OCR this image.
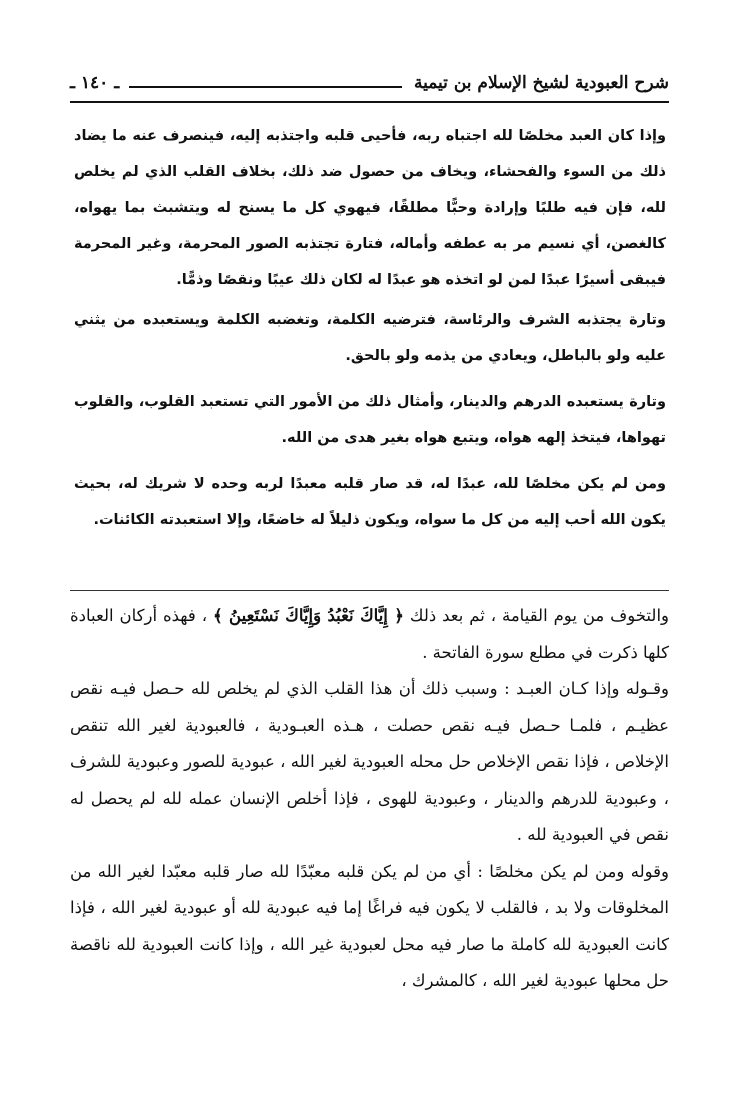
شرح العبودية لشيخ الإسلام بن تيمية
ـ ١٤٠ ـ

وإذا كان العبد مخلصًا لله اجتباه ربه، فأحيى قلبه واجتذبه إليه، فينصرف عنه ما يضاد ذلك من السوء والفحشاء، ويخاف من حصول ضد ذلك، بخلاف القلب الذي لم يخلص لله، فإن فيه طلبًا وإرادة وحبًّا مطلقًا، فيهوي كل ما يسنح له ويتشبث بما يهواه، كالغصن، أي نسيم مر به عطفه وأماله، فتارة تجتذبه الصور المحرمة، وغير المحرمة فيبقى أسيرًا عبدًا لمن لو اتخذه هو عبدًا له لكان ذلك عيبًا ونقصًا وذمًّا.

وتارة يجتذبه الشرف والرئاسة، فترضيه الكلمة، وتغضبه الكلمة ويستعبده من يثني عليه ولو بالباطل، ويعادي من يذمه ولو بالحق.

وتارة يستعبده الدرهم والدينار، وأمثال ذلك من الأمور التي تستعبد القلوب، والقلوب تهواها، فيتخذ إلهه هواه، ويتبع هواه بغير هدى من الله.

ومن لم يكن مخلصًا لله، عبدًا له، قد صار قلبه معبدًا لربه وحده لا شريك له، بحيث يكون الله أحب إليه من كل ما سواه، ويكون ذليلاً له خاضعًا، وإلا استعبدته الكائنات.

والتخوف من يوم القيامة ، ثم بعد ذلك ﴿ إِيَّاكَ نَعْبُدُ وَإِيَّاكَ نَسْتَعِينُ ﴾ ، فهذه أركان العبادة كلها ذكرت في مطلع سورة الفاتحة .

وقـوله وإذا كـان العبـد : وسبب ذلك أن هذا القلب الذي لم يخلص لله حـصل فيـه نقص عظيـم ، فلمـا حـصل فيـه نقص حصلت ، هـذه العبـودية ، فالعبودية لغير الله تنقص الإخلاص ، فإذا نقص الإخلاص حل محله العبودية لغير الله ، عبودية للصور وعبودية للشرف ، وعبودية للدرهم والدينار ، وعبودية للهوى ، فإذا أخلص الإنسان عمله لله لم يحصل له نقص في العبودية لله .

وقوله ومن لم يكن مخلصًا : أي من لم يكن قلبه معبّدًا لله صار قلبه معبّدا لغير الله من المخلوقات ولا بد ، فالقلب لا يكون فيه فراغًا إما فيه عبودية لله أو عبودية لغير الله ، فإذا كانت العبودية لله كاملة ما صار فيه محل لعبودية غير الله ، وإذا كانت العبودية لله ناقصة حل محلها عبودية لغير الله ، كالمشرك ،
